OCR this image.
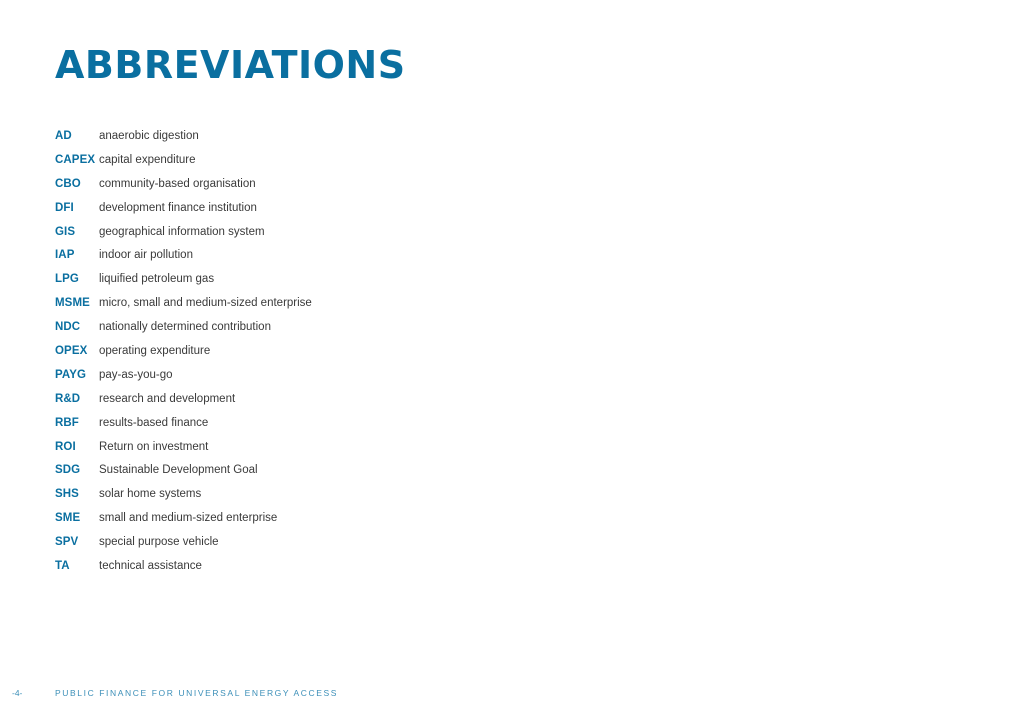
ABBREVIATIONS
AD	anaerobic digestion
CAPEX capital expenditure
CBO	community-based organisation
DFI	development finance institution
GIS	geographical information system
IAP	indoor air pollution
LPG	liquified petroleum gas
MSME micro, small and medium-sized enterprise
NDC	nationally determined contribution
OPEX	operating expenditure
PAYG	pay-as-you-go
R&D	research and development
RBF	results-based finance
ROI	Return on investment
SDG	Sustainable Development Goal
SHS	solar home systems
SME	small and medium-sized enterprise
SPV	special purpose vehicle
TA	technical assistance
-4-	PUBLIC FINANCE FOR UNIVERSAL ENERGY ACCESS
